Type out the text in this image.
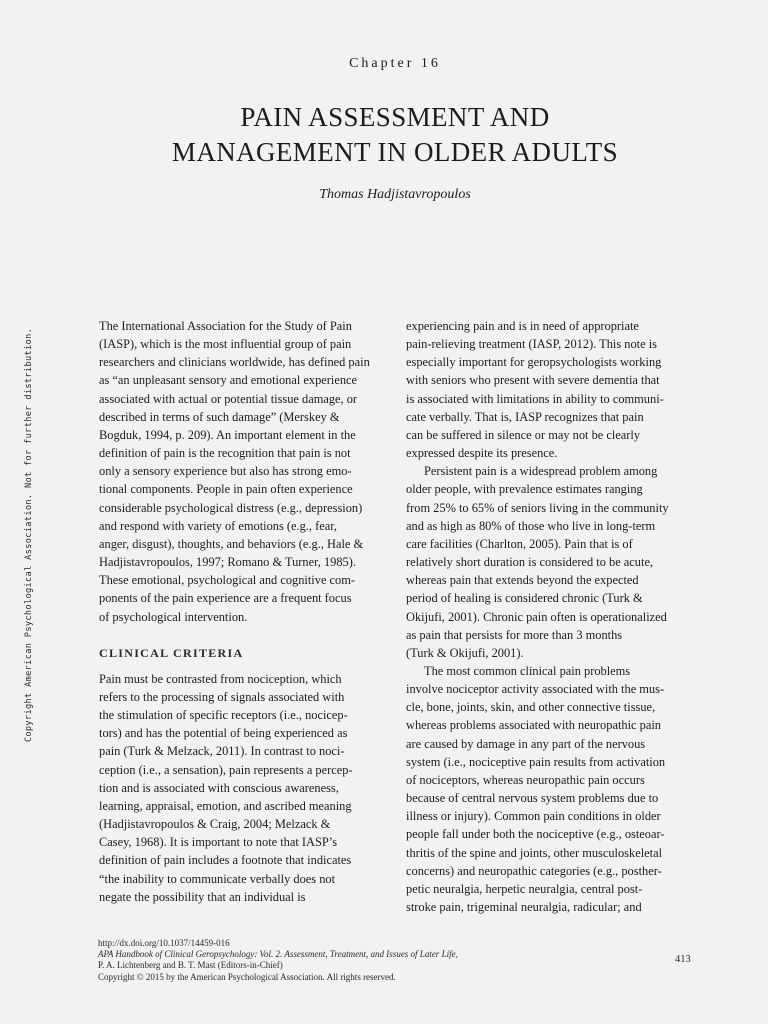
Chapter 16
PAIN ASSESSMENT AND
MANAGEMENT IN OLDER ADULTS
Thomas Hadjistavropoulos
Copyright American Psychological Association. Not for further distribution.
The International Association for the Study of Pain
(IASP), which is the most influential group of pain
researchers and clinicians worldwide, has defined pain
as “an unpleasant sensory and emotional experience
associated with actual or potential tissue damage, or
described in terms of such damage” (Merskey &
Bogduk, 1994, p. 209). An important element in the
definition of pain is the recognition that pain is not
only a sensory experience but also has strong emo-
tional components. People in pain often experience
considerable psychological distress (e.g., depression)
and respond with variety of emotions (e.g., fear,
anger, disgust), thoughts, and behaviors (e.g., Hale &
Hadjistavropoulos, 1997; Romano & Turner, 1985).
These emotional, psychological and cognitive com-
ponents of the pain experience are a frequent focus
of psychological intervention.
CLINICAL CRITERIA
Pain must be contrasted from nociception, which
refers to the processing of signals associated with
the stimulation of specific receptors (i.e., nocicep-
tors) and has the potential of being experienced as
pain (Turk & Melzack, 2011). In contrast to noci-
ception (i.e., a sensation), pain represents a percep-
tion and is associated with conscious awareness,
learning, appraisal, emotion, and ascribed meaning
(Hadjistavropoulos & Craig, 2004; Melzack &
Casey, 1968). It is important to note that IASP’s
definition of pain includes a footnote that indicates
“the inability to communicate verbally does not
negate the possibility that an individual is
experiencing pain and is in need of appropriate
pain-relieving treatment (IASP, 2012). This note is
especially important for geropsychologists working
with seniors who present with severe dementia that
is associated with limitations in ability to communi-
cate verbally. That is, IASP recognizes that pain
can be suffered in silence or may not be clearly
expressed despite its presence.
Persistent pain is a widespread problem among
older people, with prevalence estimates ranging
from 25% to 65% of seniors living in the community
and as high as 80% of those who live in long-term
care facilities (Charlton, 2005). Pain that is of
relatively short duration is considered to be acute,
whereas pain that extends beyond the expected
period of healing is considered chronic (Turk &
Okijufi, 2001). Chronic pain often is operationalized
as pain that persists for more than 3 months
(Turk & Okijufi, 2001).
The most common clinical pain problems
involve nociceptor activity associated with the mus-
cle, bone, joints, skin, and other connective tissue,
whereas problems associated with neuropathic pain
are caused by damage in any part of the nervous
system (i.e., nociceptive pain results from activation
of nociceptors, whereas neuropathic pain occurs
because of central nervous system problems due to
illness or injury). Common pain conditions in older
people fall under both the nociceptive (e.g., osteoar-
thritis of the spine and joints, other musculoskeletal
concerns) and neuropathic categories (e.g., posther-
petic neuralgia, herpetic neuralgia, central post-
stroke pain, trigeminal neuralgia, radicular; and
http://dx.doi.org/10.1037/14459-016
APA Handbook of Clinical Geropsychology: Vol. 2. Assessment, Treatment, and Issues of Later Life,
P. A. Lichtenberg and B. T. Mast (Editors-in-Chief)
Copyright © 2015 by the American Psychological Association. All rights reserved.
413
